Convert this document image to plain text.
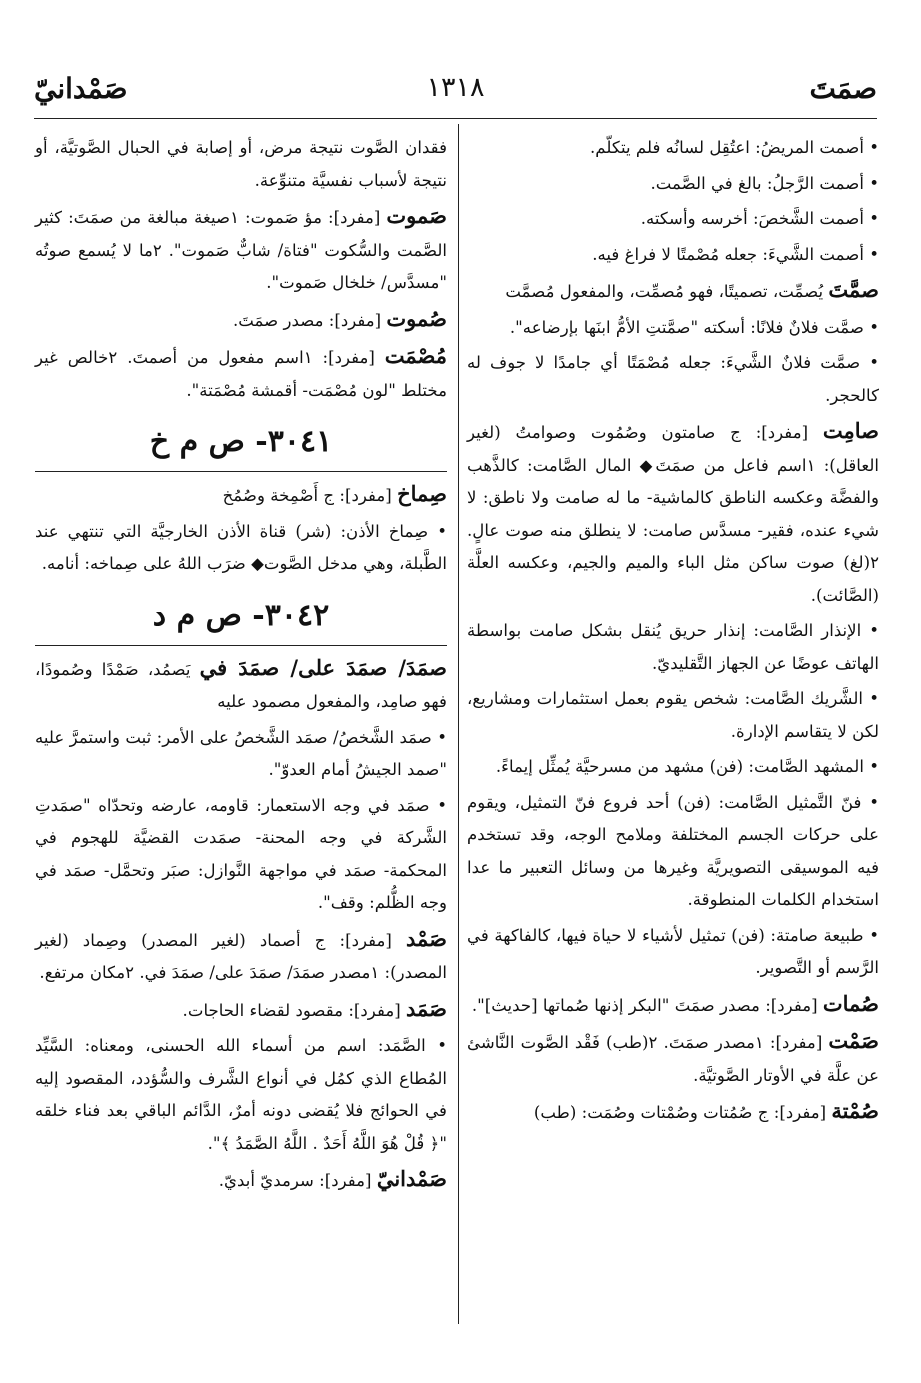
صمَتَ
١٣١٨
صَمْدانيّ

• أصمت المريضُ: اعتُقِل لسانُه فلم يتكلّم.

• أصمت الرَّجلُ: بالغ في الصَّمت.

• أصمت الشَّخصَ: أخرسه وأسكته.

• أصمت الشَّيءَ: جعله مُصْمتًا لا فراغ فيه.

صمَّتَ يُصمِّت، تصميتًا، فهو مُصمِّت، والمفعول مُصمَّت

• صمَّت فلانٌ فلانًا: أسكته "صمَّتتِ الأمُّ ابنَها بإرضاعه".

• صمَّت فلانٌ الشَّيءَ: جعله مُصْمَتًا أي جامدًا لا جوف له كالحجر.

صامِت [مفرد]: ج صامتون وصُمُوت وصوامتُ (لغير العاقل): ١اسم فاعل من صمَتَ◆ المال الصَّامت: كالذَّهب والفضَّة وعكسه الناطق كالماشية- ما له صامت ولا ناطق: لا شيء عنده، فقير- مسدَّس صامت: لا ينطلق منه صوت عالٍ. ٢(لغ) صوت ساكن مثل الباء والميم والجيم، وعكسه العلَّة (الصَّائت).

• الإنذار الصَّامت: إنذار حريق يُنقل بشكل صامت بواسطة الهاتف عوضًا عن الجهاز التَّقليديّ.

• الشَّريك الصَّامت: شخص يقوم بعمل استثمارات ومشاريع، لكن لا يتقاسم الإدارة.

• المشهد الصَّامت: (فن) مشهد من مسرحيَّة يُمثِّل إيماءً.

• فنّ التَّمثيل الصَّامت: (فن) أحد فروع فنّ التمثيل، ويقوم على حركات الجسم المختلفة وملامح الوجه، وقد تستخدم فيه الموسيقى التصويريَّة وغيرها من وسائل التعبير ما عدا استخدام الكلمات المنطوقة.

• طبيعة صامتة: (فن) تمثيل لأشياء لا حياة فيها، كالفاكهة في الرَّسم أو التَّصوير.

صُمات [مفرد]: مصدر صمَتَ "البكر إذنها صُماتها [حديث]".

صَمْت [مفرد]: ١مصدر صمَتَ. ٢(طب) فَقْد الصَّوت النَّاشئ عن علَّة في الأوتار الصَّوتيَّة.

صُمْتة [مفرد]: ج صُمُتات وصُمْتات وصُمَت: (طب)

فقدان الصَّوت نتيجة مرض، أو إصابة في الحبال الصَّوتيَّة، أو نتيجة لأسباب نفسيَّة متنوِّعة.

صَموت [مفرد]: مؤ صَموت: ١صيغة مبالغة من صمَتَ: كثير الصَّمت والسُّكوت "فتاة/ شابٌّ صَموت". ٢ما لا يُسمع صوتُه "مسدَّس/ خلخال صَموت".

صُموت [مفرد]: مصدر صمَتَ.

مُصْمَت [مفرد]: ١اسم مفعول من أصمتَ. ٢خالص غير مختلط "لون مُصْمَت- أقمشة مُصْمَتة".

٣٠٤١- ص م خ

صِماخ [مفرد]: ج أَصْمِخة وصُمُخ

• صِماخ الأذن: (شر) قناة الأذن الخارجيَّة التي تنتهي عند الطَّبلة، وهي مدخل الصَّوت◆ ضرَب اللهُ على صِماخه: أنامه.

٣٠٤٢- ص م د

صمَدَ/ صمَدَ على/ صمَدَ في يَصمُد، صَمْدًا وصُمودًا، فهو صامِد، والمفعول مصمود عليه

• صمَد الشَّخصُ/ صمَد الشَّخصُ على الأمر: ثبت واستمرَّ عليه "صمد الجيشُ أمام العدوّ".

• صمَد في وجه الاستعمار: قاومه، عارضه وتحدّاه "صمَدتِ الشَّركة في وجه المحنة- صمَدت القضيَّة للهجوم في المحكمة- صمَد في مواجهة النَّوازل: صبَر وتحمَّل- صمَد في وجه الظُّلم: وقف".

صَمْد [مفرد]: ج أصماد (لغير المصدر) وصِماد (لغير المصدر): ١مصدر صمَدَ/ صمَدَ على/ صمَدَ في. ٢مكان مرتفع.

صَمَد [مفرد]: مقصود لقضاء الحاجات.

• الصَّمَد: اسم من أسماء الله الحسنى، ومعناه: السَّيِّد المُطاع الذي كمُل في أنواع الشَّرف والسُّؤدد، المقصود إليه في الحوائج فلا يُقضى دونه أمرٌ، الدَّائم الباقي بعد فناء خلقه "﴿ قُلْ هُوَ اللَّهُ أَحَدٌ . اللَّهُ الصَّمَدُ ﴾".

صَمْدانيّ [مفرد]: سرمديّ أبديّ.
